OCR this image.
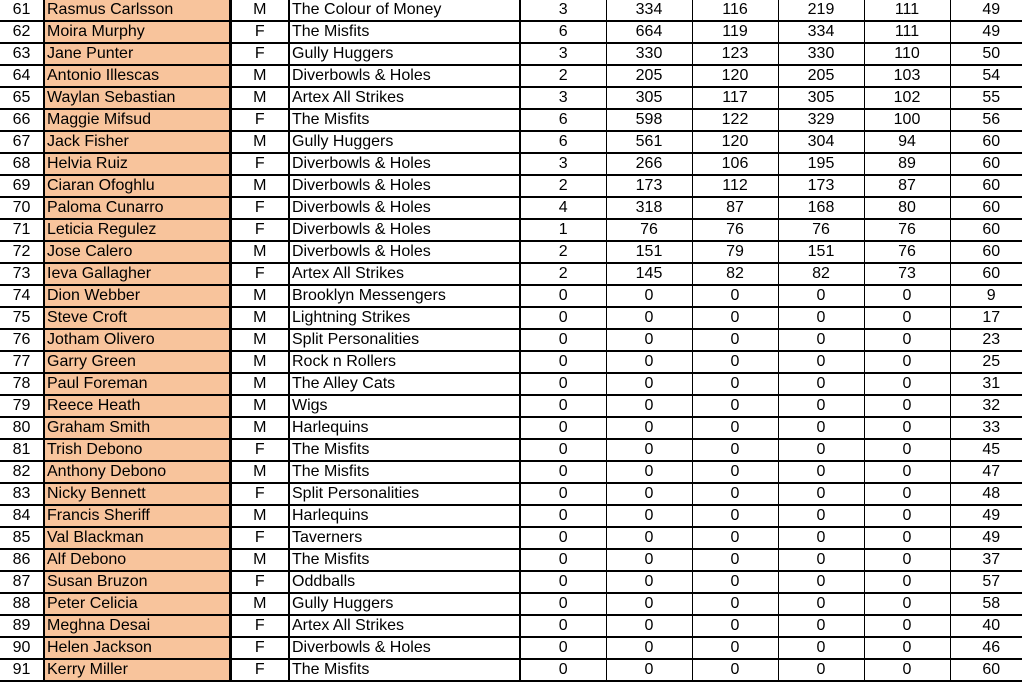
61	Rasmus Carlsson	M	The Colour of Money	3	334	116	219	111	49
62	Moira Murphy	F	The Misfits	6	664	119	334	111	49
63	Jane Punter	F	Gully Huggers	3	330	123	330	110	50
64	Antonio Illescas	M	Diverbowls & Holes	2	205	120	205	103	54
65	Waylan Sebastian	M	Artex All Strikes	3	305	117	305	102	55
66	Maggie Mifsud	F	The Misfits	6	598	122	329	100	56
67	Jack Fisher	M	Gully Huggers	6	561	120	304	94	60
68	Helvia Ruiz	F	Diverbowls & Holes	3	266	106	195	89	60
69	Ciaran Ofoghlu	M	Diverbowls & Holes	2	173	112	173	87	60
70	Paloma Cunarro	F	Diverbowls & Holes	4	318	87	168	80	60
71	Leticia Regulez	F	Diverbowls & Holes	1	76	76	76	76	60
72	Jose Calero	M	Diverbowls & Holes	2	151	79	151	76	60
73	Ieva Gallagher	F	Artex All Strikes	2	145	82	82	73	60
74	Dion Webber	M	Brooklyn Messengers	0	0	0	0	0	9
75	Steve Croft	M	Lightning Strikes	0	0	0	0	0	17
76	Jotham Olivero	M	Split Personalities	0	0	0	0	0	23
77	Garry Green	M	Rock n Rollers	0	0	0	0	0	25
78	Paul Foreman	M	The Alley Cats	0	0	0	0	0	31
79	Reece Heath	M	Wigs	0	0	0	0	0	32
80	Graham Smith	M	Harlequins	0	0	0	0	0	33
81	Trish Debono	F	The Misfits	0	0	0	0	0	45
82	Anthony Debono	M	The Misfits	0	0	0	0	0	47
83	Nicky Bennett	F	Split Personalities	0	0	0	0	0	48
84	Francis Sheriff	M	Harlequins	0	0	0	0	0	49
85	Val Blackman	F	Taverners	0	0	0	0	0	49
86	Alf Debono	M	The Misfits	0	0	0	0	0	37
87	Susan Bruzon	F	Oddballs	0	0	0	0	0	57
88	Peter Celicia	M	Gully Huggers	0	0	0	0	0	58
89	Meghna Desai	F	Artex All Strikes	0	0	0	0	0	40
90	Helen Jackson	F	Diverbowls & Holes	0	0	0	0	0	46
91	Kerry Miller	F	The Misfits	0	0	0	0	0	60
